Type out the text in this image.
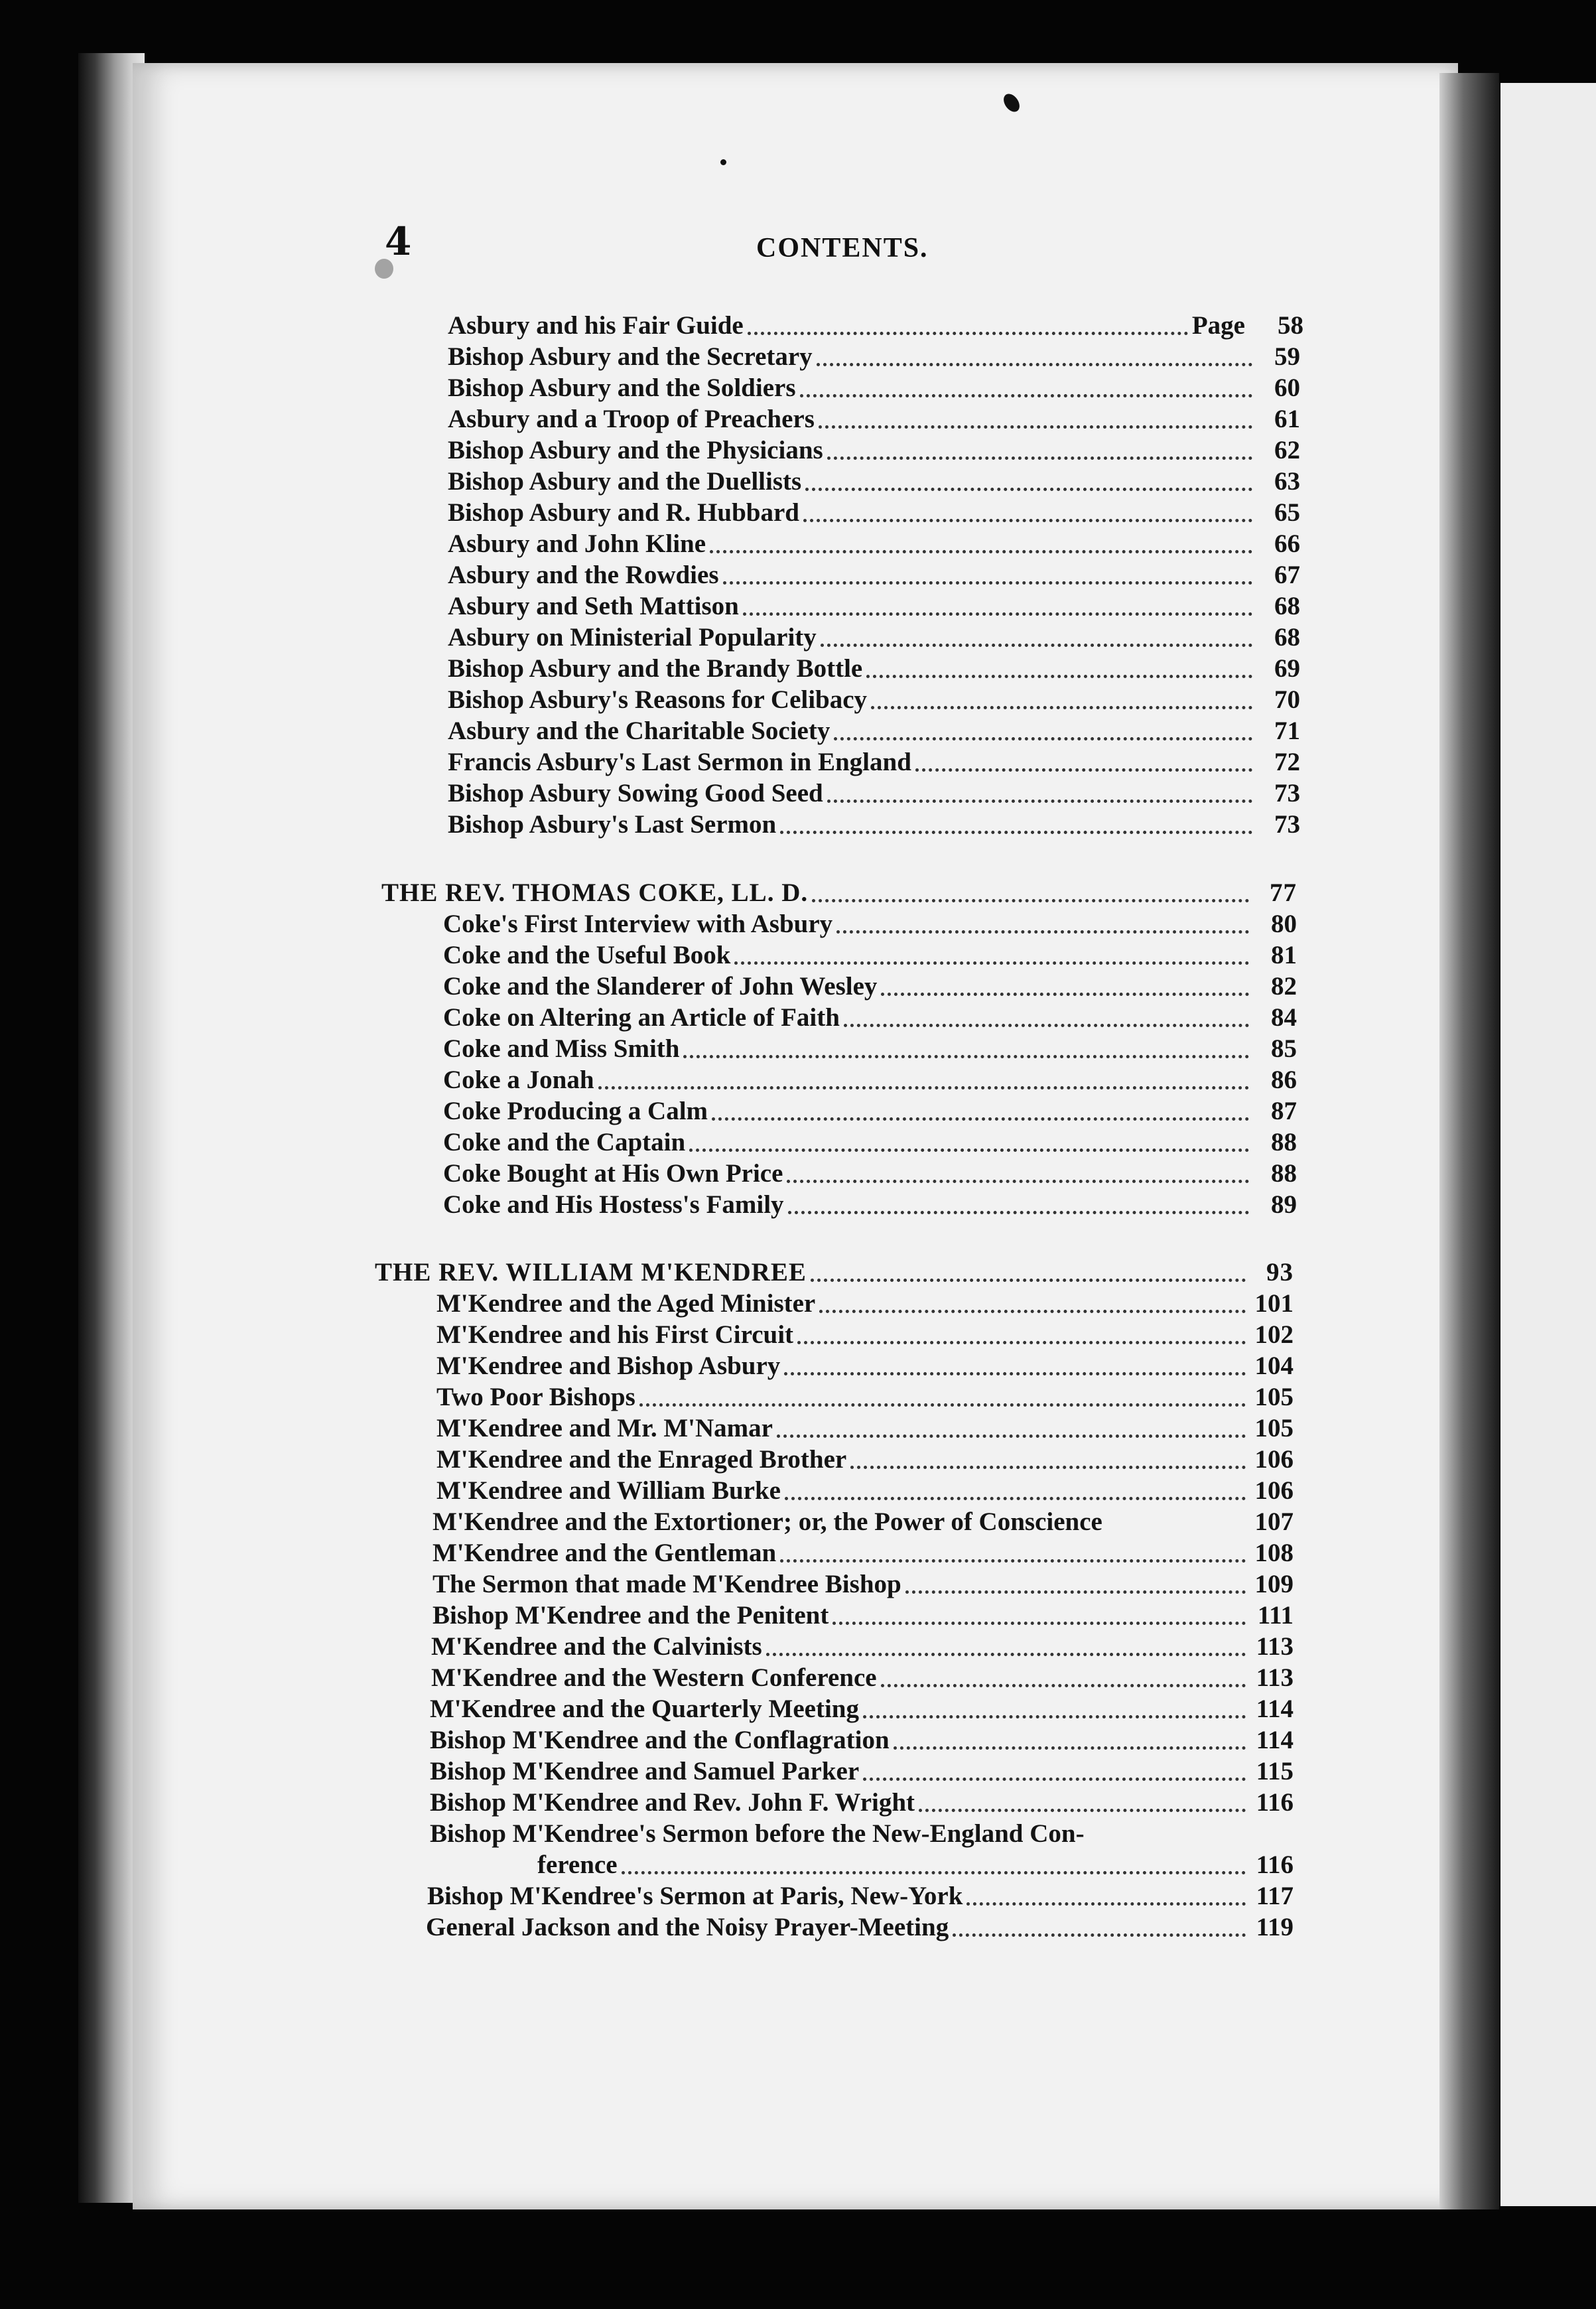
4	CONTENTS.
Asbury and his Fair Guide	Page	58
Bishop Asbury and the Secretary	59
Bishop Asbury and the Soldiers	60
Asbury and a Troop of Preachers	61
Bishop Asbury and the Physicians	62
Bishop Asbury and the Duellists	63
Bishop Asbury and R. Hubbard	65
Asbury and John Kline	66
Asbury and the Rowdies	67
Asbury and Seth Mattison	68
Asbury on Ministerial Popularity	68
Bishop Asbury and the Brandy Bottle	69
Bishop Asbury's Reasons for Celibacy	70
Asbury and the Charitable Society	71
Francis Asbury's Last Sermon in England	72
Bishop Asbury Sowing Good Seed	73
Bishop Asbury's Last Sermon	73
THE REV. THOMAS COKE, LL. D.	77
Coke's First Interview with Asbury	80
Coke and the Useful Book	81
Coke and the Slanderer of John Wesley	82
Coke on Altering an Article of Faith	84
Coke and Miss Smith	85
Coke a Jonah	86
Coke Producing a Calm	87
Coke and the Captain	88
Coke Bought at His Own Price	88
Coke and His Hostess's Family	89
THE REV. WILLIAM M'KENDREE	93
M'Kendree and the Aged Minister	101
M'Kendree and his First Circuit	102
M'Kendree and Bishop Asbury	104
Two Poor Bishops	105
M'Kendree and Mr. M'Namar	105
M'Kendree and the Enraged Brother	106
M'Kendree and William Burke	106
M'Kendree and the Extortioner; or, the Power of Conscience	107
M'Kendree and the Gentleman	108
The Sermon that made M'Kendree Bishop	109
Bishop M'Kendree and the Penitent	111
M'Kendree and the Calvinists	113
M'Kendree and the Western Conference	113
M'Kendree and the Quarterly Meeting	114
Bishop M'Kendree and the Conflagration	114
Bishop M'Kendree and Samuel Parker	115
Bishop M'Kendree and Rev. John F. Wright	116
Bishop M'Kendree's Sermon before the New-England Con-
ference	116
Bishop M'Kendree's Sermon at Paris, New-York	117
General Jackson and the Noisy Prayer-Meeting	119
